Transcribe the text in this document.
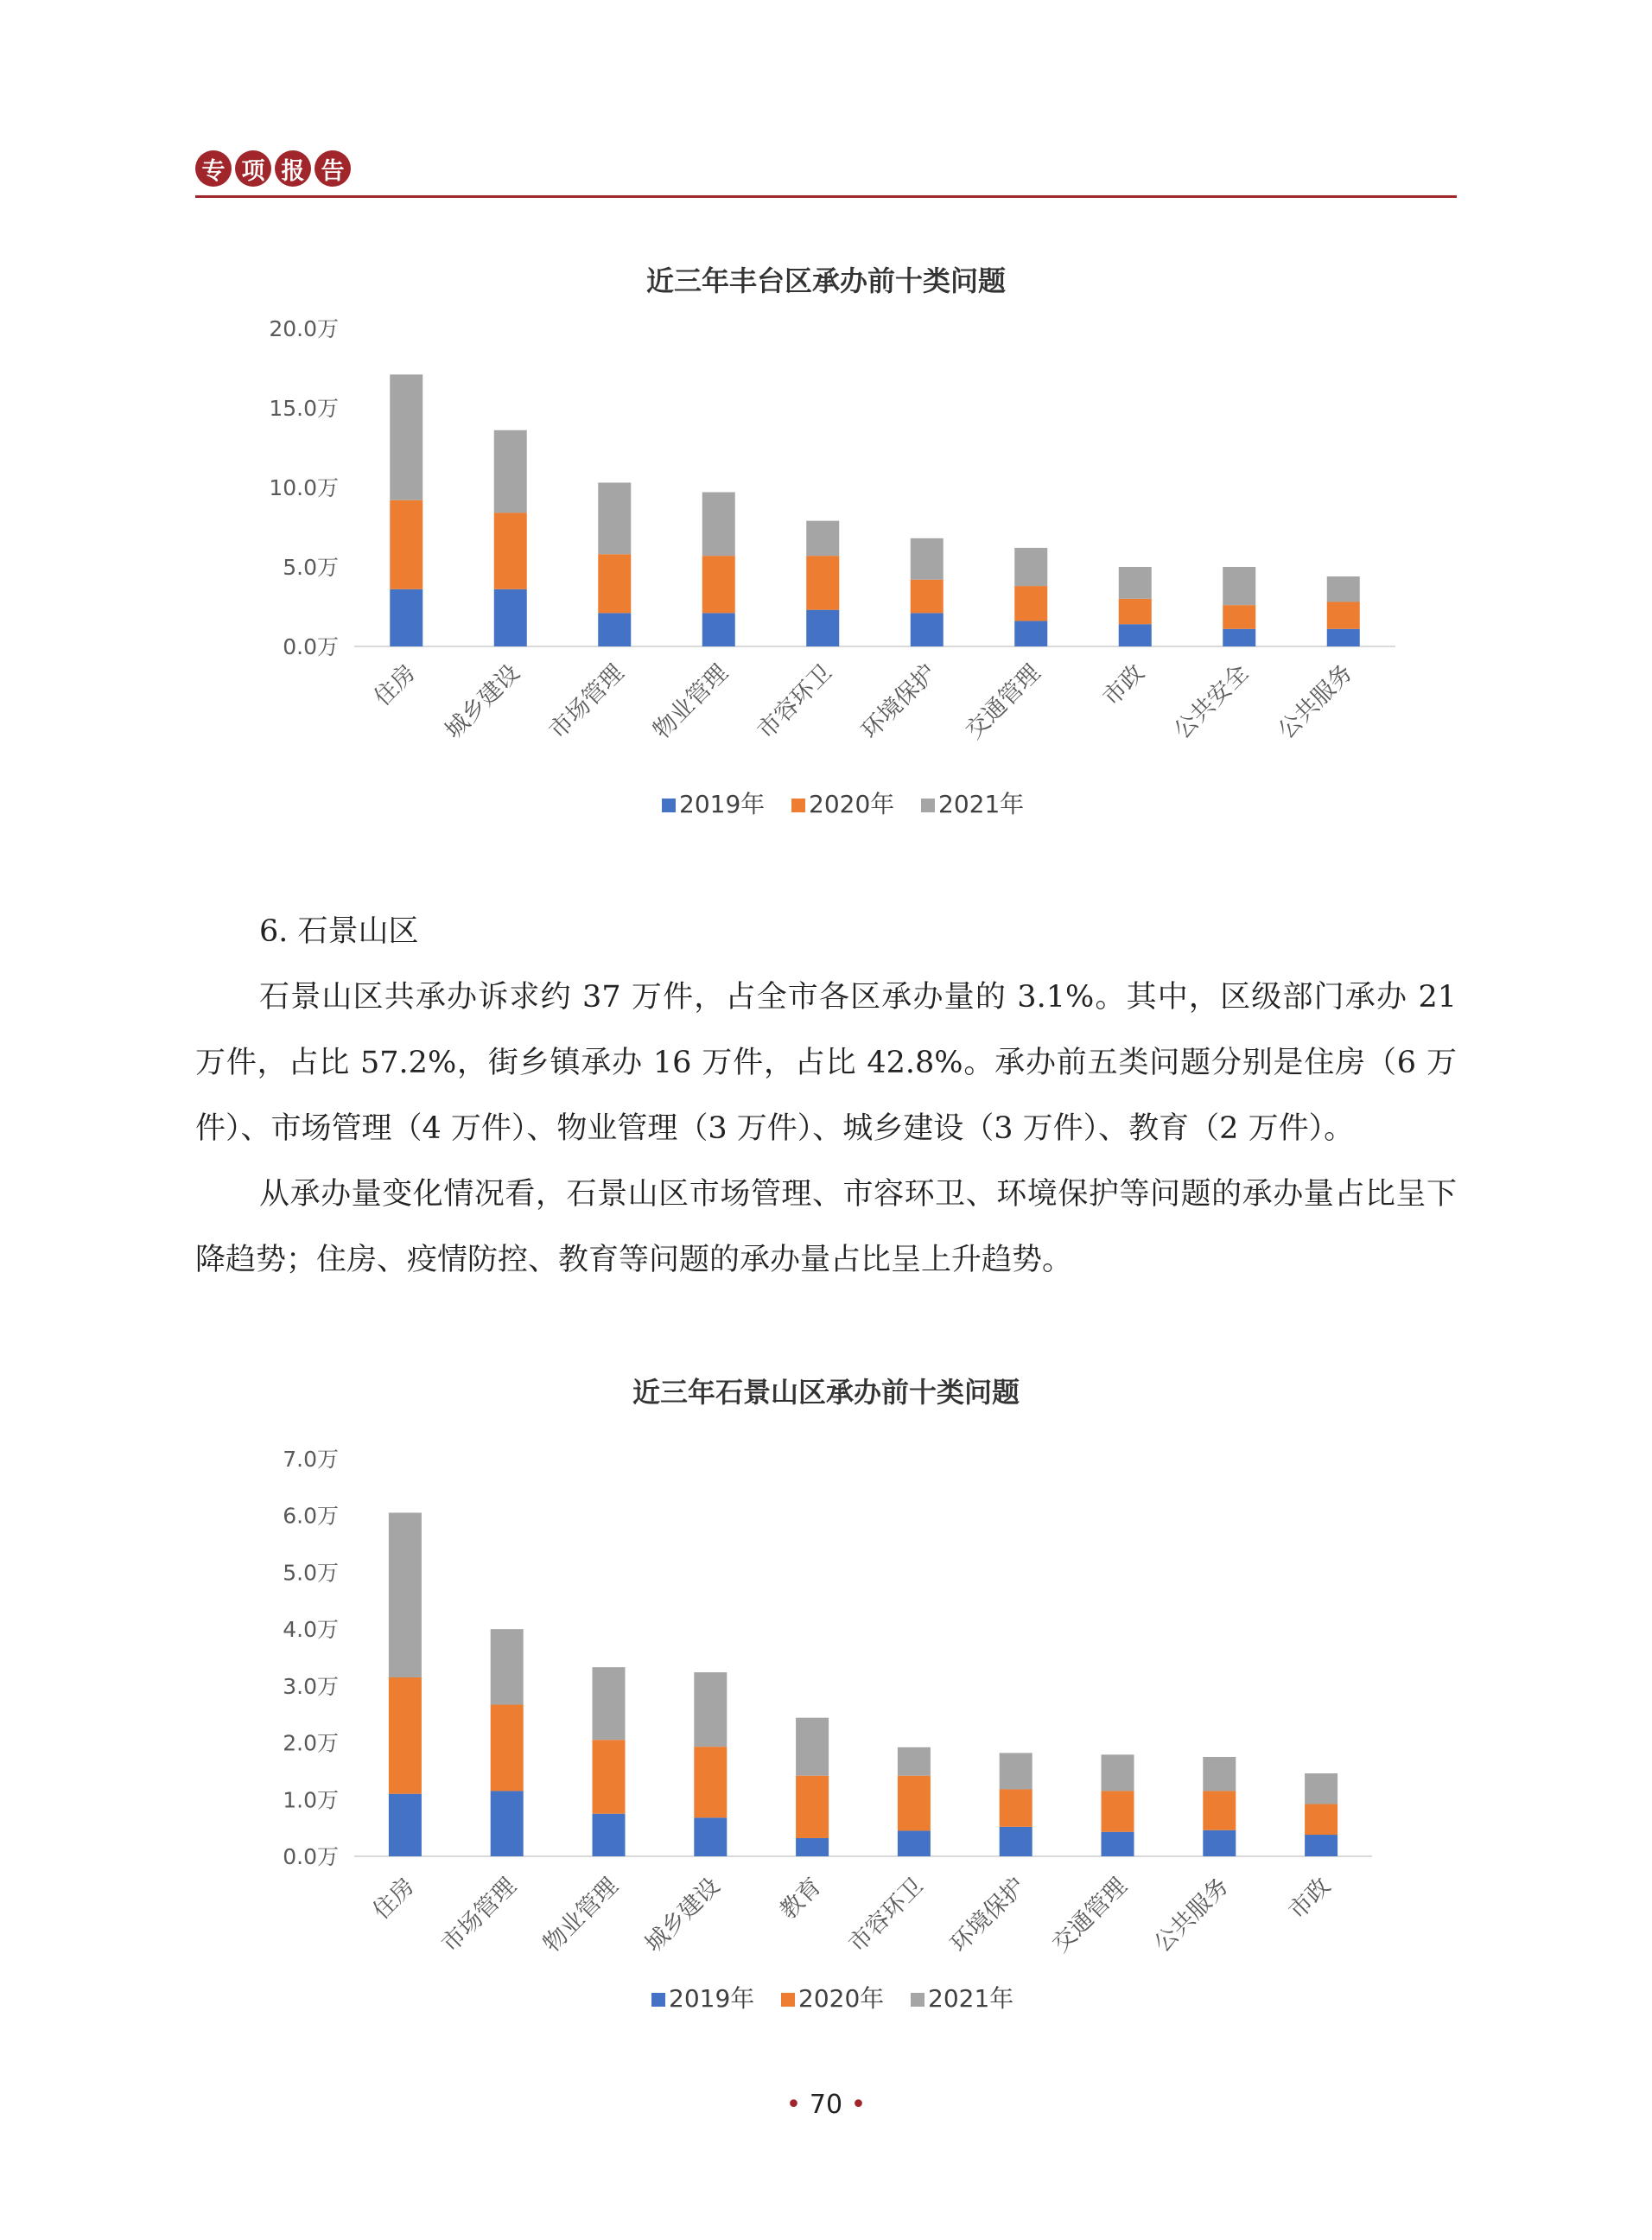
专 项 报 告
近三年丰台区承办前十类问题
0.0万
5.0万
10.0万
15.0万
20.0万
住房 城乡建设 市场管理 物业管理 市容环卫 环境保护 交通管理 市政 公共安全 公共服务
2019年 2020年 2021年
6. 石景山区
石景山区共承办诉求约 37 万件，占全市各区承办量的 3.1%。其中，区级部门承办 21 万件，占比 57.2%，街乡镇承办 16 万件，占比 42.8%。承办前五类问题分别是住房（6 万件）、市场管理（4 万件）、物业管理（3 万件）、城乡建设（3 万件）、教育（2 万件）。
从承办量变化情况看，石景山区市场管理、市容环卫、环境保护等问题的承办量占比呈下降趋势；住房、疫情防控、教育等问题的承办量占比呈上升趋势。
近三年石景山区承办前十类问题
0.0万
1.0万
2.0万
3.0万
4.0万
5.0万
6.0万
7.0万
住房 市场管理 物业管理 城乡建设 教育 市容环卫 环境保护 交通管理 公共服务 市政
2019年 2020年 2021年
• 70 •
